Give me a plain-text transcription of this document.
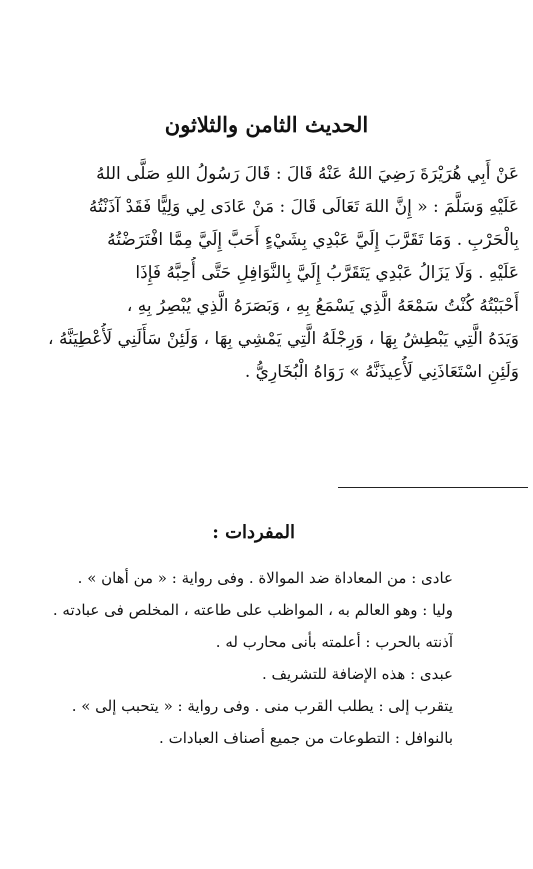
الحديث الثامن والثلاثون
عَنْ أَبِي هُرَيْرَةَ رَضِيَ اللهُ عَنْهُ قَالَ : قَالَ رَسُولُ اللهِ صَلَّى اللهُ
عَلَيْهِ وَسَلَّمَ : « إِنَّ اللهَ تَعَالَى قَالَ : مَنْ عَادَى لِي وَلِيًّا فَقَدْ آذَنْتُهُ
بِالْحَرْبِ . وَمَا تَقَرَّبَ إِلَيَّ عَبْدِي بِشَيْءٍ أَحَبَّ إِلَيَّ مِمَّا افْتَرَضْتُهُ
عَلَيْهِ . وَلَا يَزَالُ عَبْدِي يَتَقَرَّبُ إِلَيَّ بِالنَّوَافِلِ حَتَّى أُحِبَّهُ فَإِذَا
أَحْبَبْتُهُ كُنْتُ سَمْعَهُ الَّذِي يَسْمَعُ بِهِ ، وَبَصَرَهُ الَّذِي يُبْصِرُ بِهِ ،
وَيَدَهُ الَّتِي يَبْطِشُ بِهَا ، وَرِجْلَهُ الَّتِي يَمْشِي بِهَا ، وَلَئِنْ سَأَلَنِي لَأُعْطِيَنَّهُ ،
وَلَئِنِ اسْتَعَاذَنِي لَأُعِيذَنَّهُ » رَوَاهُ الْبُخَارِيُّ .
المفردات :
عادى : من المعاداة ضد الموالاة . وفى رواية : « من أهان » .
وليا : وهو العالم به ، المواظب على طاعته ، المخلص فى عبادته .
آذنته بالحرب : أعلمته بأنى محارب له .
عبدى : هذه الإضافة للتشريف .
يتقرب إلى : يطلب القرب منى . وفى رواية : « يتحبب إلى » .
بالنوافل : التطوعات من جميع أصناف العبادات .
